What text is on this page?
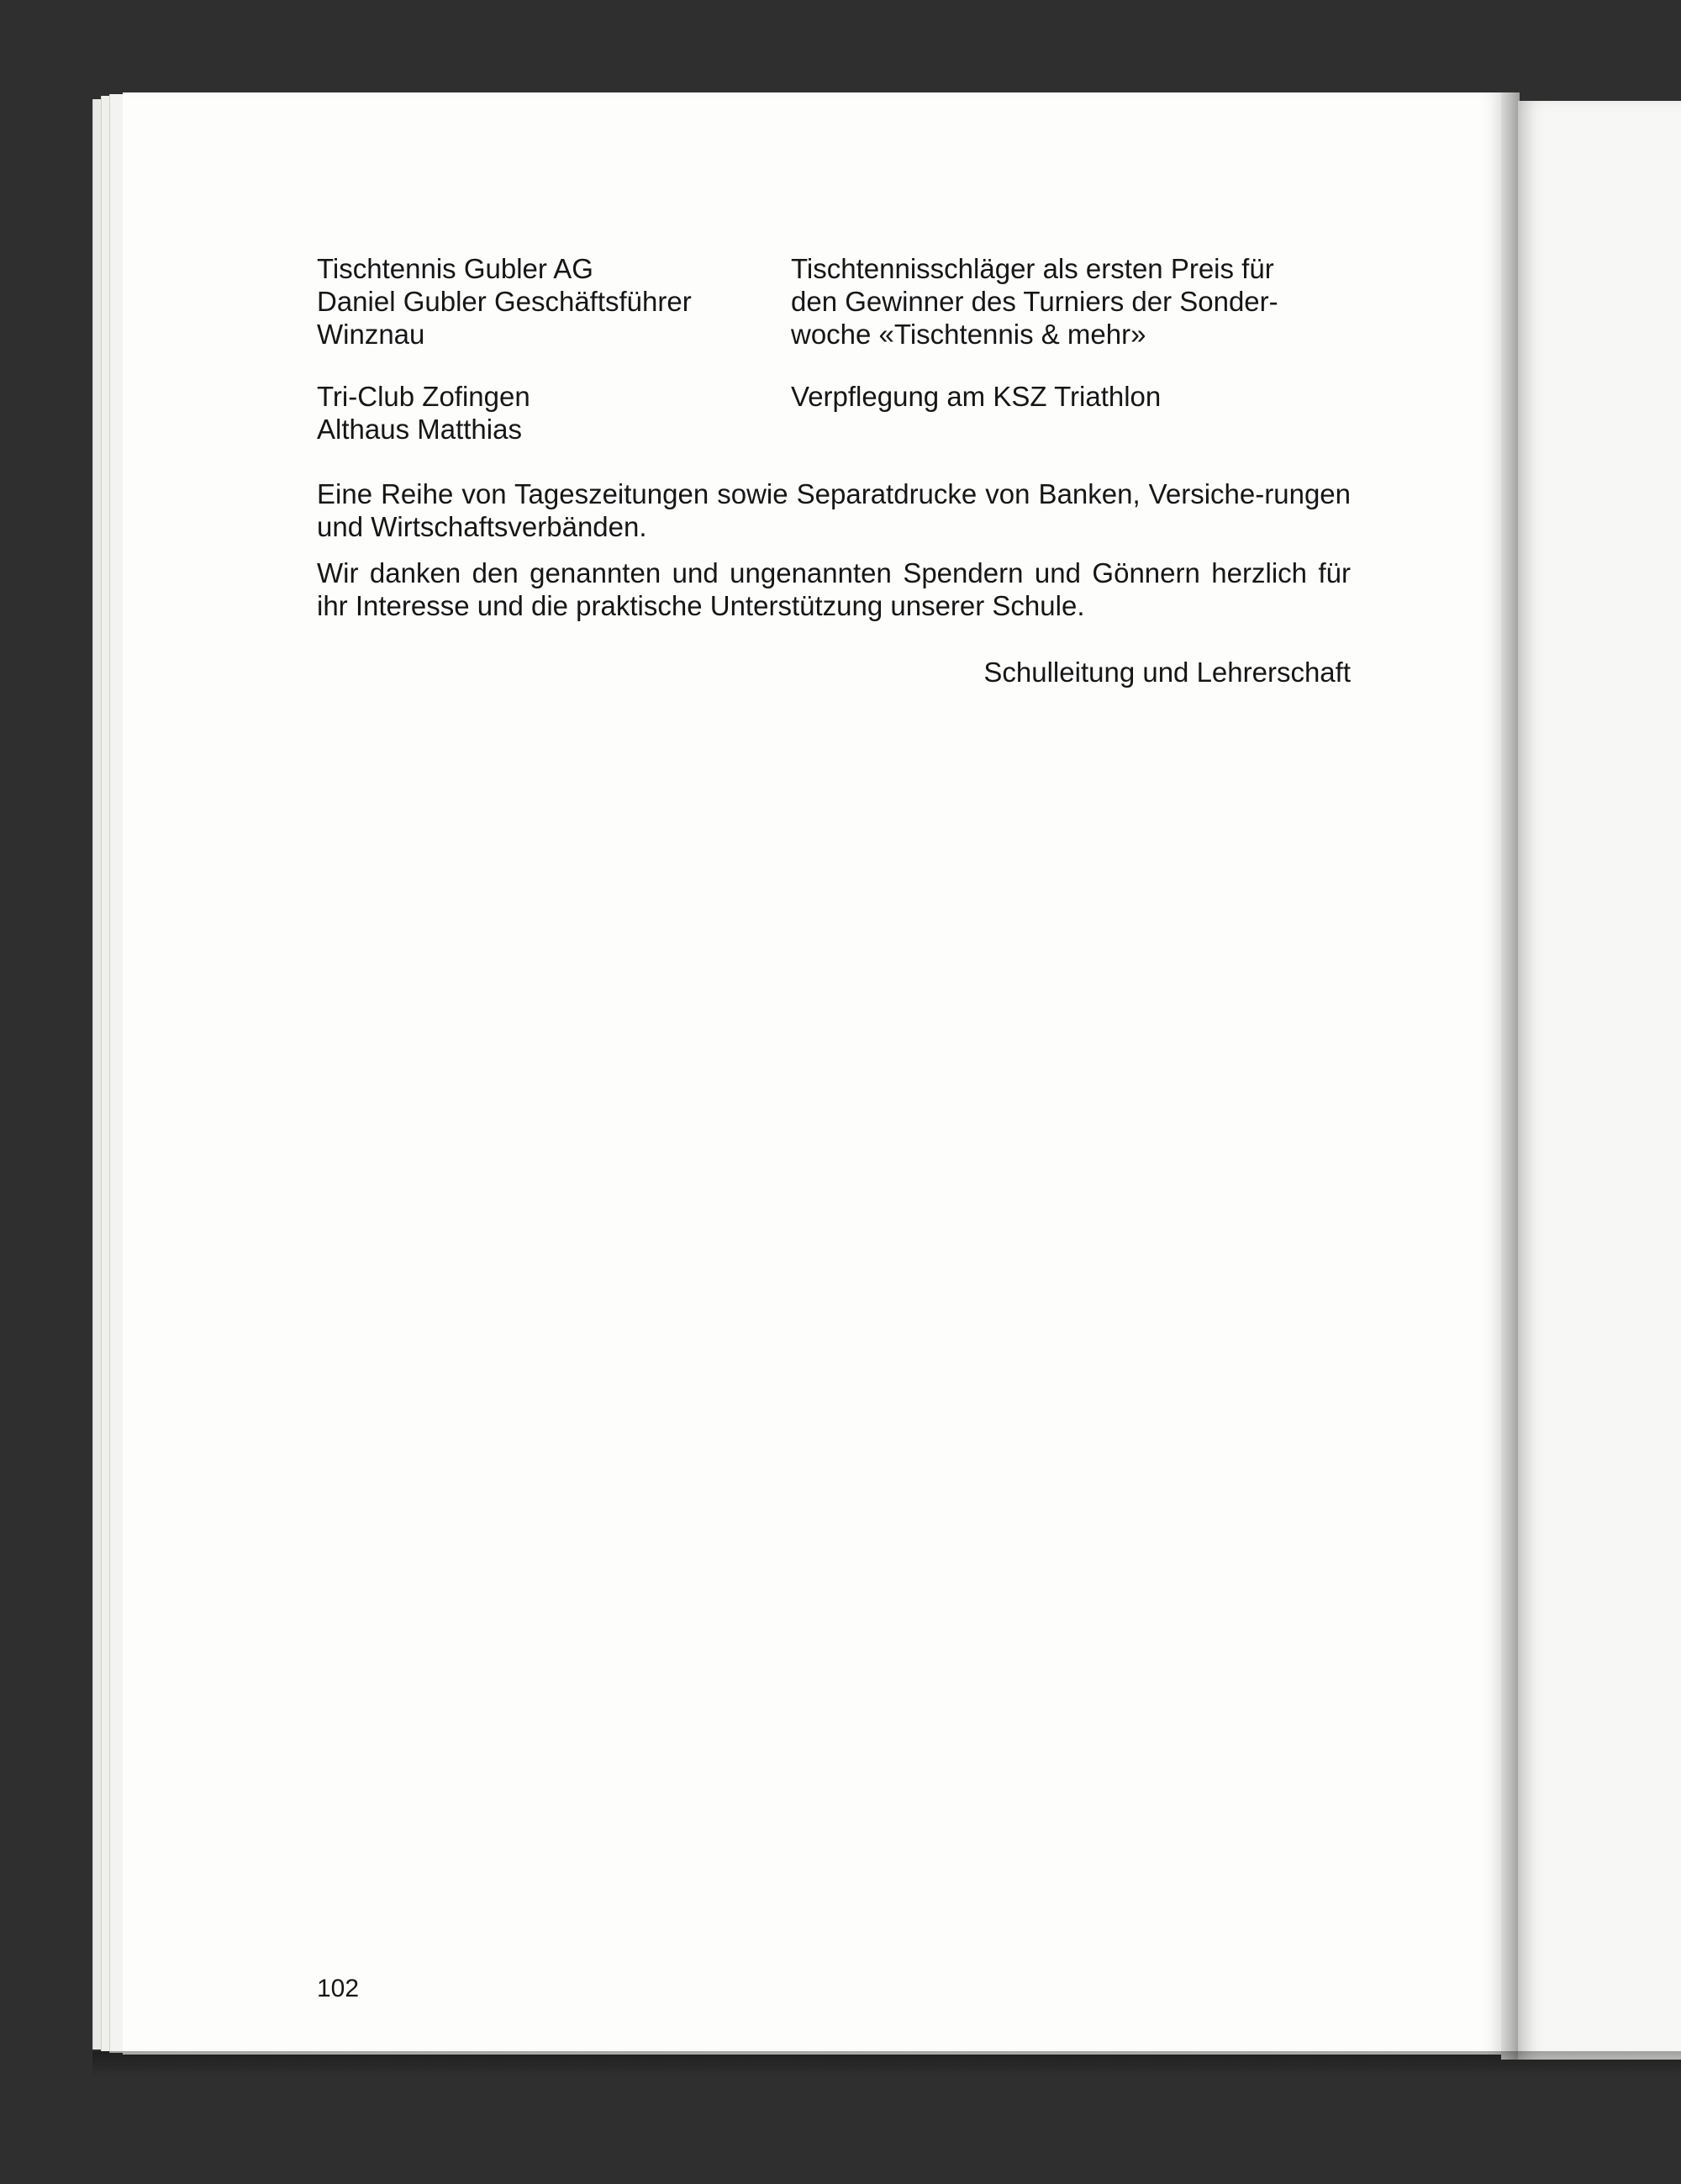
Tischtennis Gubler AG
Daniel Gubler Geschäftsführer
Winznau
Tischtennisschläger als ersten Preis für
den Gewinner des Turniers der Sonder-
woche «Tischtennis & mehr»
Tri-Club Zofingen
Althaus Matthias
Verpflegung am KSZ Triathlon
Eine Reihe von Tageszeitungen sowie Separatdrucke von Banken, Versiche-rungen und Wirtschaftsverbänden.
Wir danken den genannten und ungenannten Spendern und Gönnern herzlich für ihr Interesse und die praktische Unterstützung unserer Schule.
Schulleitung und Lehrerschaft
102
